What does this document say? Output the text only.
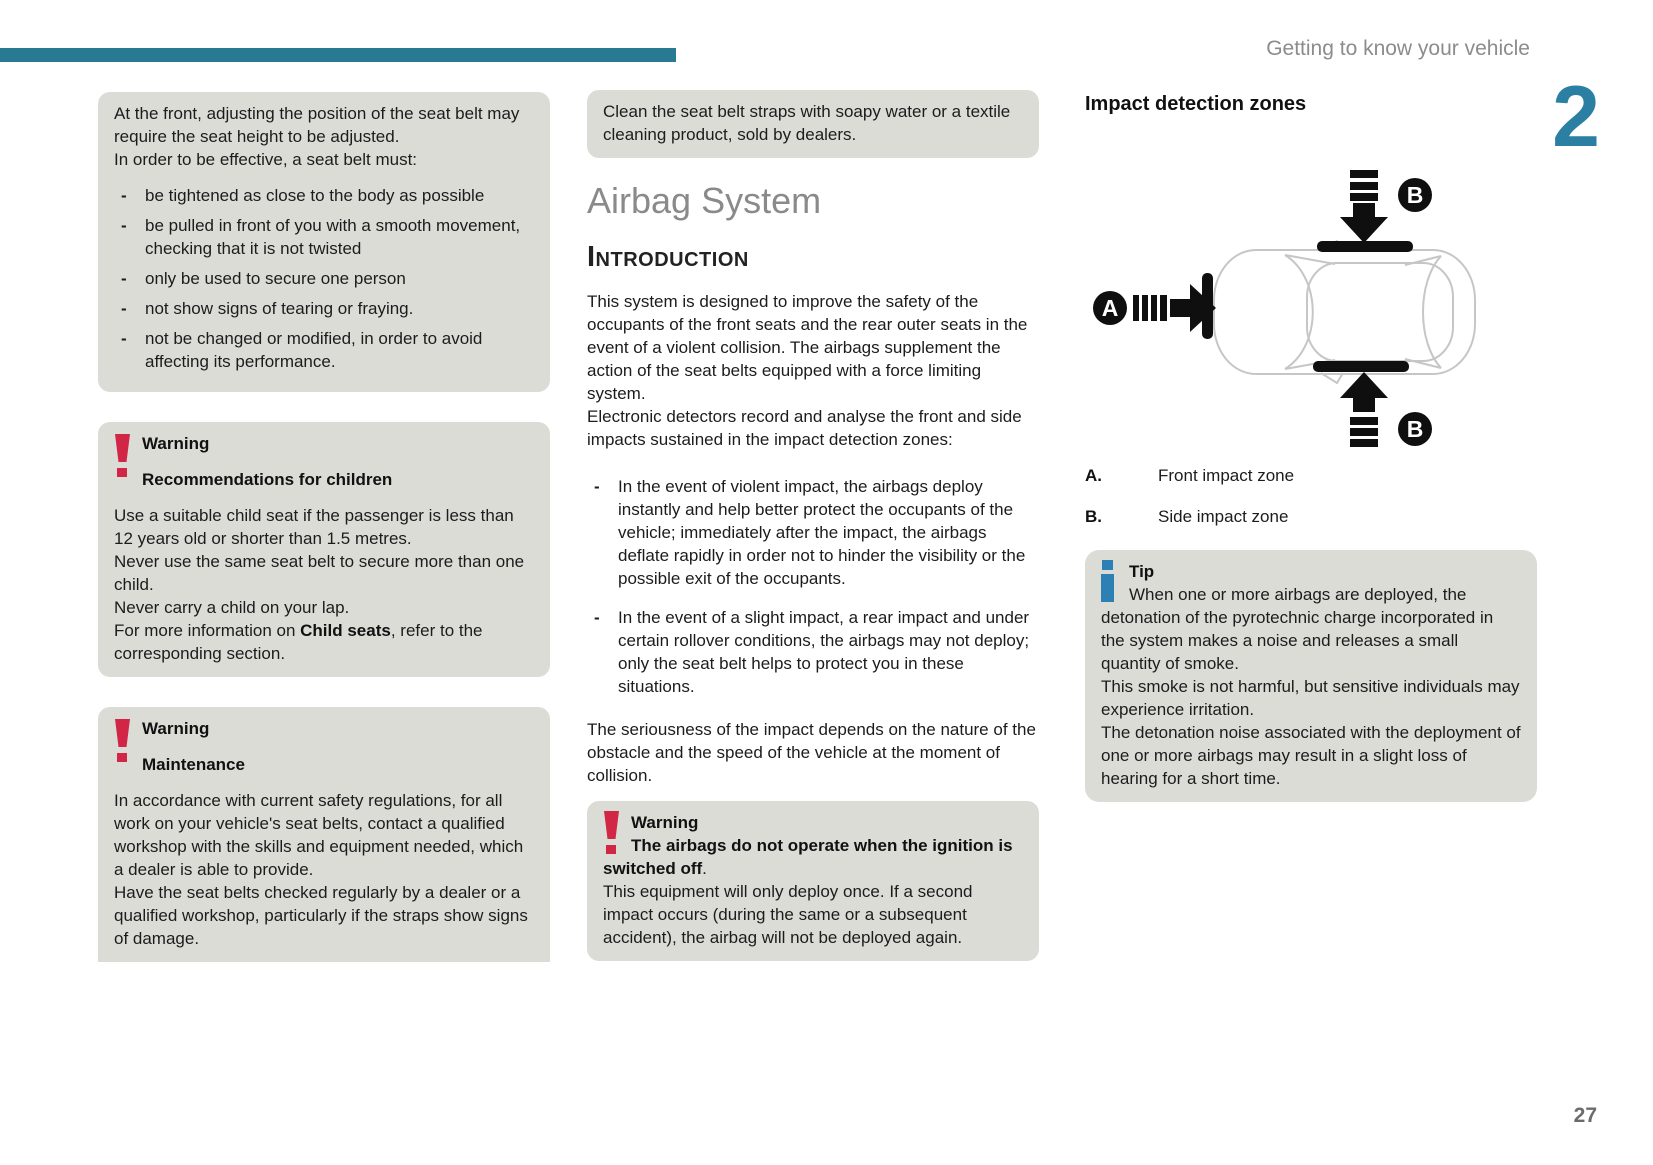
Getting to know your vehicle
2
27
At the front, adjusting the position of the seat belt may require the seat height to be adjusted.
In order to be effective, a seat belt must:
-	be tightened as close to the body as possible
-	be pulled in front of you with a smooth movement, checking that it is not twisted
-	only be used to secure one person
-	not show signs of tearing or fraying.
-	not be changed or modified, in order to avoid affecting its performance.
Warning
Recommendations for children
Use a suitable child seat if the passenger is less than 12 years old or shorter than 1.5 metres.
Never use the same seat belt to secure more than one child.
Never carry a child on your lap.
For more information on Child seats, refer to the corresponding section.
Warning
Maintenance
In accordance with current safety regulations, for all work on your vehicle's seat belts, contact a qualified workshop with the skills and equipment needed, which a dealer is able to provide.
Have the seat belts checked regularly by a dealer or a qualified workshop, particularly if the straps show signs of damage.
Clean the seat belt straps with soapy water or a textile cleaning product, sold by dealers.
Airbag System
Introduction
This system is designed to improve the safety of the occupants of the front seats and the rear outer seats in the event of a violent collision. The airbags supplement the action of the seat belts equipped with a force limiting system.
Electronic detectors record and analyse the front and side impacts sustained in the impact detection zones:
-	In the event of violent impact, the airbags deploy instantly and help better protect the occupants of the vehicle; immediately after the impact, the airbags deflate rapidly in order not to hinder the visibility or the possible exit of the occupants.
-	In the event of a slight impact, a rear impact and under certain rollover conditions, the airbags may not deploy; only the seat belt helps to protect you in these situations.
The seriousness of the impact depends on the nature of the obstacle and the speed of the vehicle at the moment of collision.
Warning
The airbags do not operate when the ignition is switched off.
This equipment will only deploy once. If a second impact occurs (during the same or a subsequent accident), the airbag will not be deployed again.
Impact detection zones
A
B
B
A.	Front impact zone
B.	Side impact zone
Tip
When one or more airbags are deployed, the detonation of the pyrotechnic charge incorporated in the system makes a noise and releases a small quantity of smoke.
This smoke is not harmful, but sensitive individuals may experience irritation.
The detonation noise associated with the deployment of one or more airbags may result in a slight loss of hearing for a short time.
